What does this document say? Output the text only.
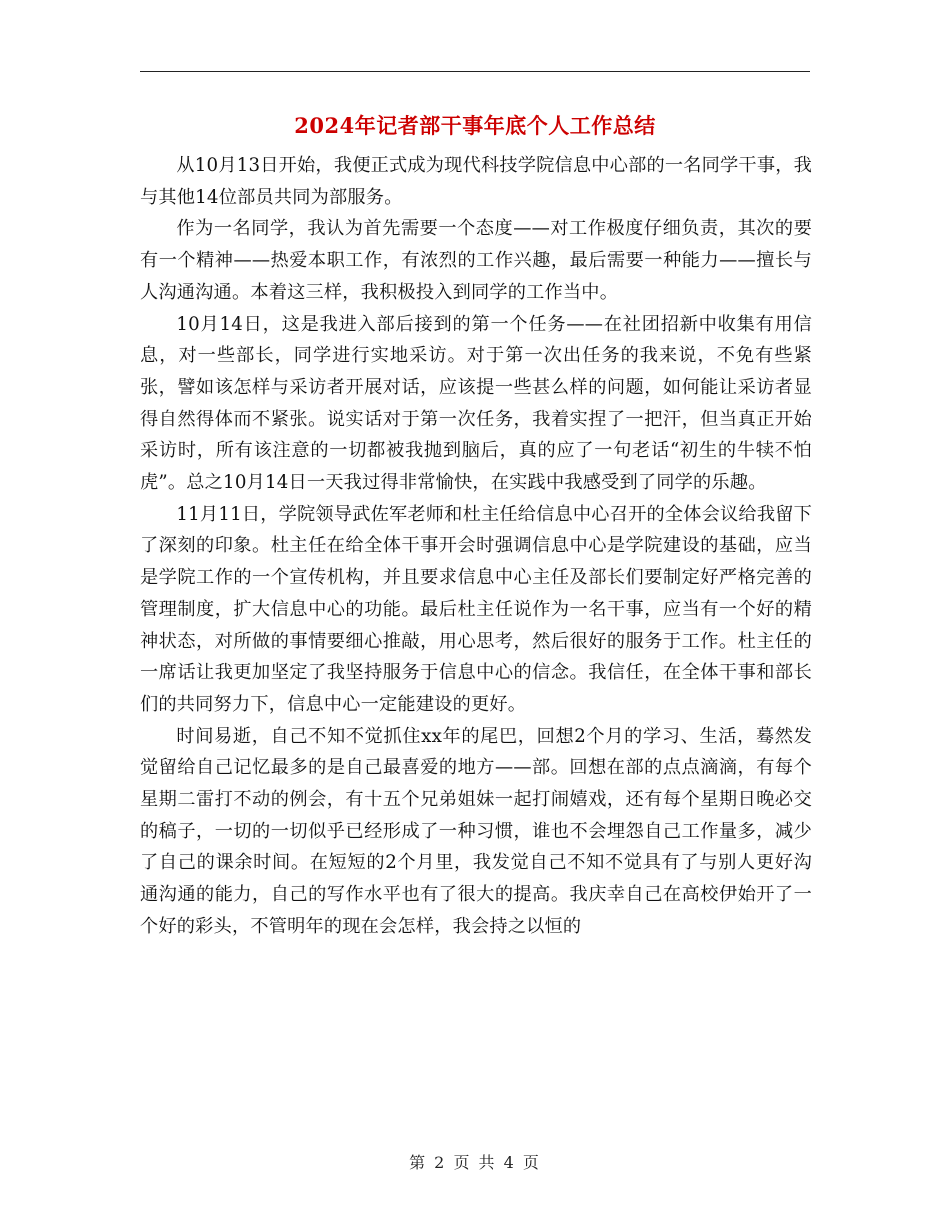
2024年记者部干事年底个人工作总结

从10月13日开始，我便正式成为现代科技学院信息中心部的一名同学干事，我与其他14位部员共同为部服务。

作为一名同学，我认为首先需要一个态度——对工作极度仔细负责，其次的要有一个精神——热爱本职工作，有浓烈的工作兴趣，最后需要一种能力——擅长与人沟通沟通。本着这三样，我积极投入到同学的工作当中。

10月14日，这是我进入部后接到的第一个任务——在社团招新中收集有用信息，对一些部长，同学进行实地采访。对于第一次出任务的我来说，不免有些紧张，譬如该怎样与采访者开展对话，应该提一些甚么样的问题，如何能让采访者显得自然得体而不紧张。说实话对于第一次任务，我着实捏了一把汗，但当真正开始采访时，所有该注意的一切都被我抛到脑后，真的应了一句老话“初生的牛犊不怕虎”。总之10月14日一天我过得非常愉快，在实践中我感受到了同学的乐趣。

11月11日，学院领导武佐军老师和杜主任给信息中心召开的全体会议给我留下了深刻的印象。杜主任在给全体干事开会时强调信息中心是学院建设的基础，应当是学院工作的一个宣传机构，并且要求信息中心主任及部长们要制定好严格完善的管理制度，扩大信息中心的功能。最后杜主任说作为一名干事，应当有一个好的精神状态，对所做的事情要细心推敲，用心思考，然后很好的服务于工作。杜主任的一席话让我更加坚定了我坚持服务于信息中心的信念。我信任，在全体干事和部长们的共同努力下，信息中心一定能建设的更好。

时间易逝，自己不知不觉抓住xx年的尾巴，回想2个月的学习、生活，蓦然发觉留给自己记忆最多的是自己最喜爱的地方——部。回想在部的点点滴滴，有每个星期二雷打不动的例会，有十五个兄弟姐妹一起打闹嬉戏，还有每个星期日晚必交的稿子，一切的一切似乎已经形成了一种习惯，谁也不会埋怨自己工作量多，减少了自己的课余时间。在短短的2个月里，我发觉自己不知不觉具有了与别人更好沟通沟通的能力，自己的写作水平也有了很大的提高。我庆幸自己在高校伊始开了一个好的彩头，不管明年的现在会怎样，我会持之以恒的

第 2 页 共 4 页
